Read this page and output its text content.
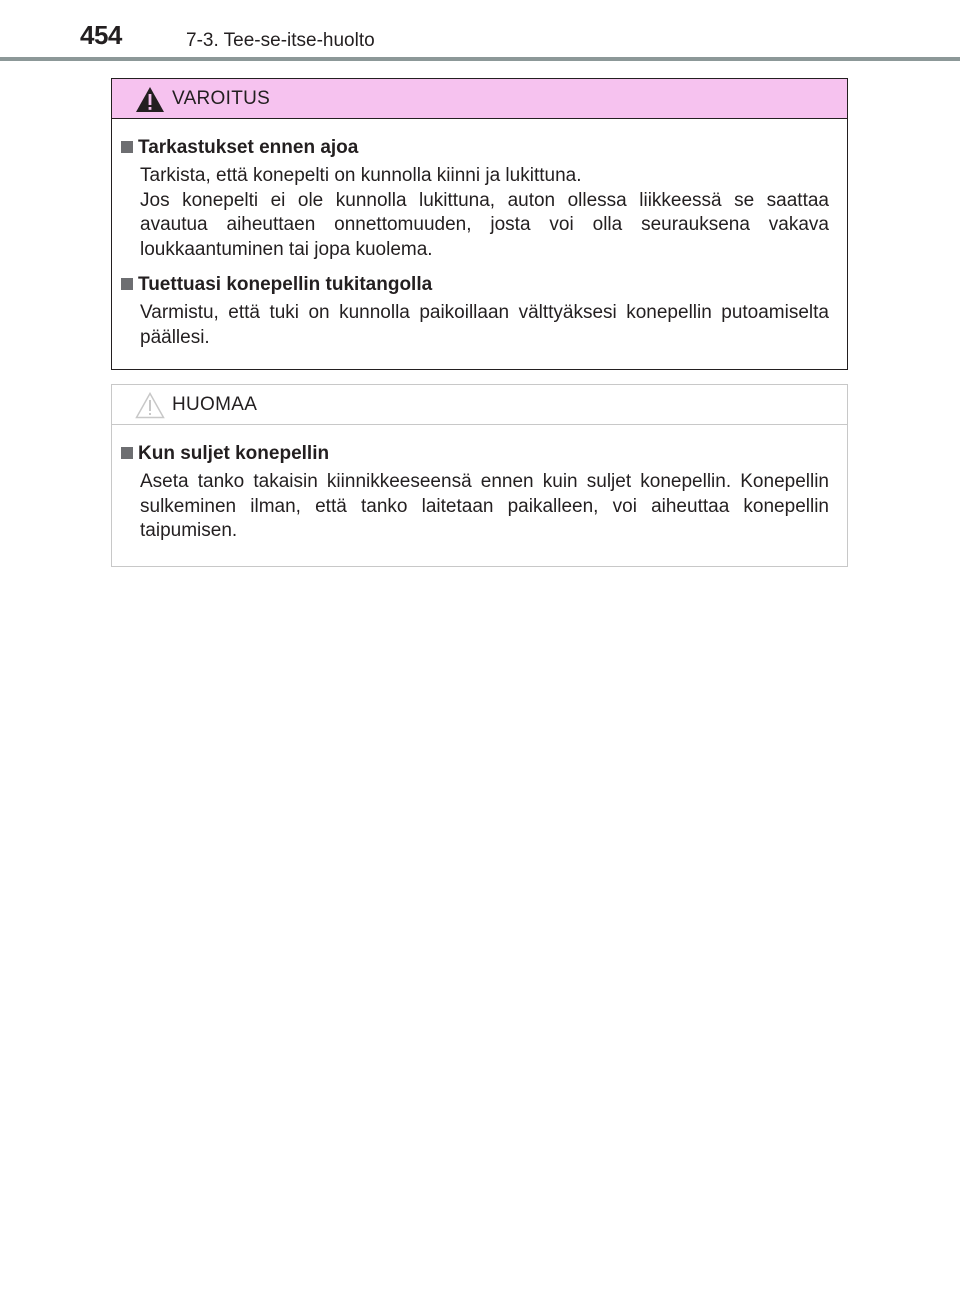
454	7-3. Tee-se-itse-huolto
VAROITUS
Tarkastukset ennen ajoa
Tarkista, että konepelti on kunnolla kiinni ja lukittuna.
Jos konepelti ei ole kunnolla lukittuna, auton ollessa liikkeessä se saattaa avautua aiheuttaen onnettomuuden, josta voi olla seurauksena vakava loukkaantuminen tai jopa kuolema.
Tuettuasi konepellin tukitangolla
Varmistu, että tuki on kunnolla paikoillaan välttyäksesi konepellin putoamiselta päällesi.
HUOMAA
Kun suljet konepellin
Aseta tanko takaisin kiinnikkeeseensä ennen kuin suljet konepellin. Konepellin sulkeminen ilman, että tanko laitetaan paikalleen, voi aiheuttaa konepellin taipumisen.
